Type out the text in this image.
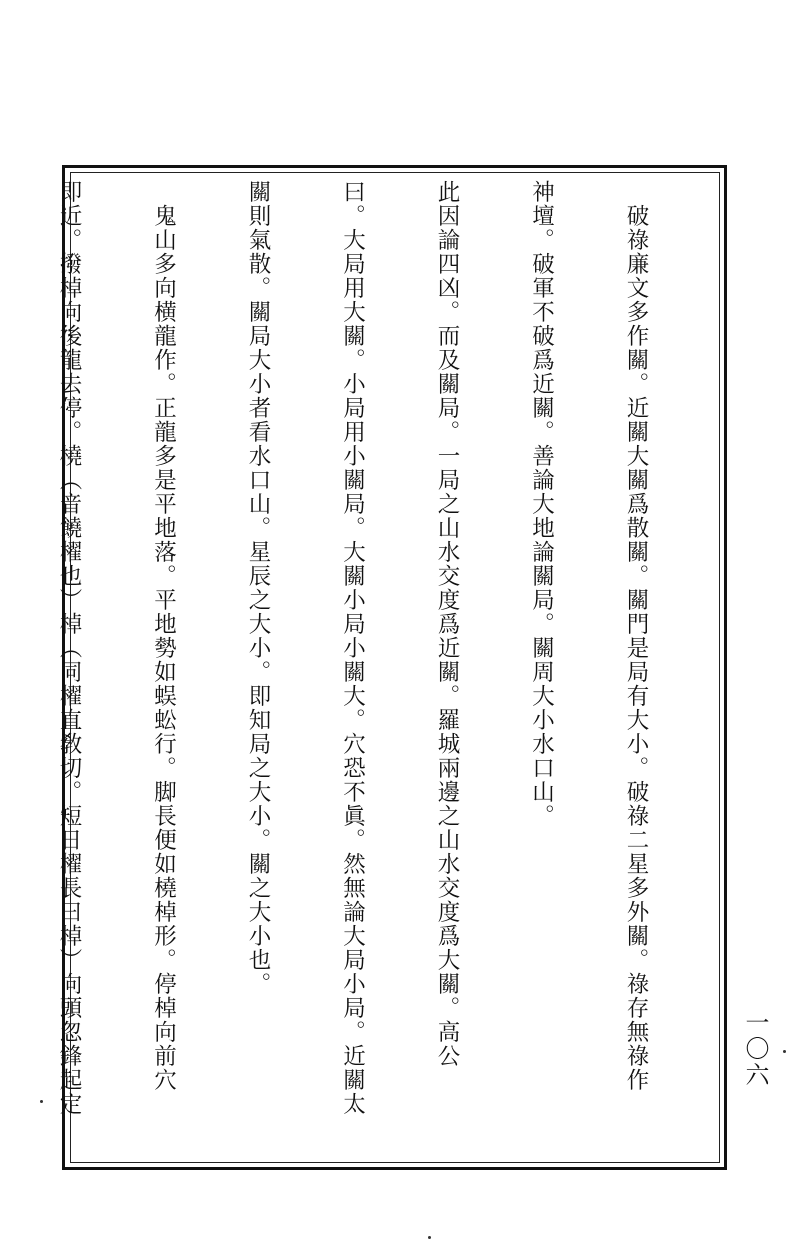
　破祿廉文多作關。近關大關爲散關。關門是局有大小。破祿二星多外關。祿存無祿作

神壇。破軍不破爲近關。善論大地論關局。關周大小水口山。

此因論四凶。而及關局。一局之山水交度爲近關。羅城兩邊之山水交度爲大關。高公

曰。大局用大關。小局用小關局。大關小局小關大。穴恐不眞。然無論大局小局。近關太

關則氣散。關局大小者看水口山。星辰之大小。即知局之大小。關之大小也。

　鬼山多向横龍作。正龍多是平地落。平地勢如蜈蚣行。脚長便如橈棹形。停棹向前穴

即近。撥棹向後龍去停。橈（音饒櫂也）棹（同櫂直敎切。短日櫂長曰棹）向頭忽鋒起定

	一〇六
